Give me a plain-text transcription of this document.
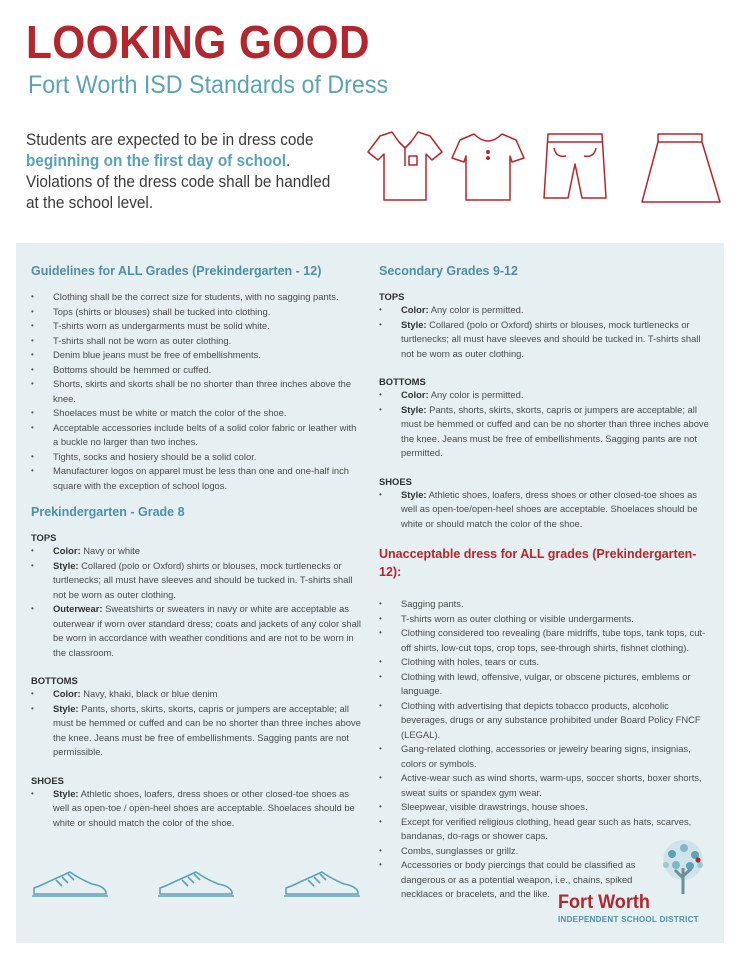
LOOKING GOOD
Fort Worth ISD Standards of Dress
Students are expected to be in dress code
beginning on the first day of school.
Violations of the dress code shall be handled
at the school level.
Guidelines for ALL Grades (Prekindergarten - 12)
• Clothing shall be the correct size for students, with no sagging pants.
• Tops (shirts or blouses) shall be tucked into clothing.
• T-shirts worn as undergarments must be solid white.
• T-shirts shall not be worn as outer clothing.
• Denim blue jeans must be free of embellishments.
• Bottoms should be hemmed or cuffed.
• Shorts, skirts and skorts shall be no shorter than three inches above the knee.
• Shoelaces must be white or match the color of the shoe.
• Acceptable accessories include belts of a solid color fabric or leather with a buckle no larger than two inches.
• Tights, socks and hosiery should be a solid color.
• Manufacturer logos on apparel must be less than one and one-half inch square with the exception of school logos.
Prekindergarten - Grade 8
TOPS
• Color: Navy or white
• Style: Collared (polo or Oxford) shirts or blouses, mock turtlenecks or turtlenecks; all must have sleeves and should be tucked in. T-shirts shall not be worn as outer clothing.
• Outerwear: Sweatshirts or sweaters in navy or white are acceptable as outerwear if worn over standard dress; coats and jackets of any color shall be worn in accordance with weather conditions and are not to be worn in the classroom.
BOTTOMS
• Color: Navy, khaki, black or blue denim
• Style: Pants, shorts, skirts, skorts, capris or jumpers are acceptable; all must be hemmed or cuffed and can be no shorter than three inches above the knee. Jeans must be free of embellishments. Sagging pants are not permissible.
SHOES
• Style: Athletic shoes, loafers, dress shoes or other closed-toe shoes as well as open-toe / open-heel shoes are acceptable. Shoelaces should be white or should match the color of the shoe.
Secondary Grades 9-12
TOPS
• Color: Any color is permitted.
• Style: Collared (polo or Oxford) shirts or blouses, mock turtlenecks or turtlenecks; all must have sleeves and should be tucked in. T-shirts shall not be worn as outer clothing.
BOTTOMS
• Color: Any color is permitted.
• Style: Pants, shorts, skirts, skorts, capris or jumpers are acceptable; all must be hemmed or cuffed and can be no shorter than three inches above the knee. Jeans must be free of embellishments. Sagging pants are not permitted.
SHOES
• Style: Athletic shoes, loafers, dress shoes or other closed-toe shoes as well as open-toe/open-heel shoes are acceptable. Shoelaces should be white or should match the color of the shoe.
Unacceptable dress for ALL grades (Prekindergarten-12):
• Sagging pants.
• T-shirts worn as outer clothing or visible undergarments.
• Clothing considered too revealing (bare midriffs, tube tops, tank tops, cut-off shirts, low-cut tops, crop tops, see-through shirts, fishnet clothing).
• Clothing with holes, tears or cuts.
• Clothing with lewd, offensive, vulgar, or obscene pictures, emblems or language.
• Clothing with advertising that depicts tobacco products, alcoholic beverages, drugs or any substance prohibited under Board Policy FNCF (LEGAL).
• Gang-related clothing, accessories or jewelry bearing signs, insignias, colors or symbols.
• Active-wear such as wind shorts, warm-ups, soccer shorts, boxer shorts, sweat suits or spandex gym wear.
• Sleepwear, visible drawstrings, house shoes.
• Except for verified religious clothing, head gear such as hats, scarves, bandanas, do-rags or shower caps.
• Combs, sunglasses or grillz.
• Accessories or body piercings that could be classified as dangerous or as a potential weapon, i.e., chains, spiked necklaces or bracelets, and the like. Fort Worth
INDEPENDENT SCHOOL DISTRICT
